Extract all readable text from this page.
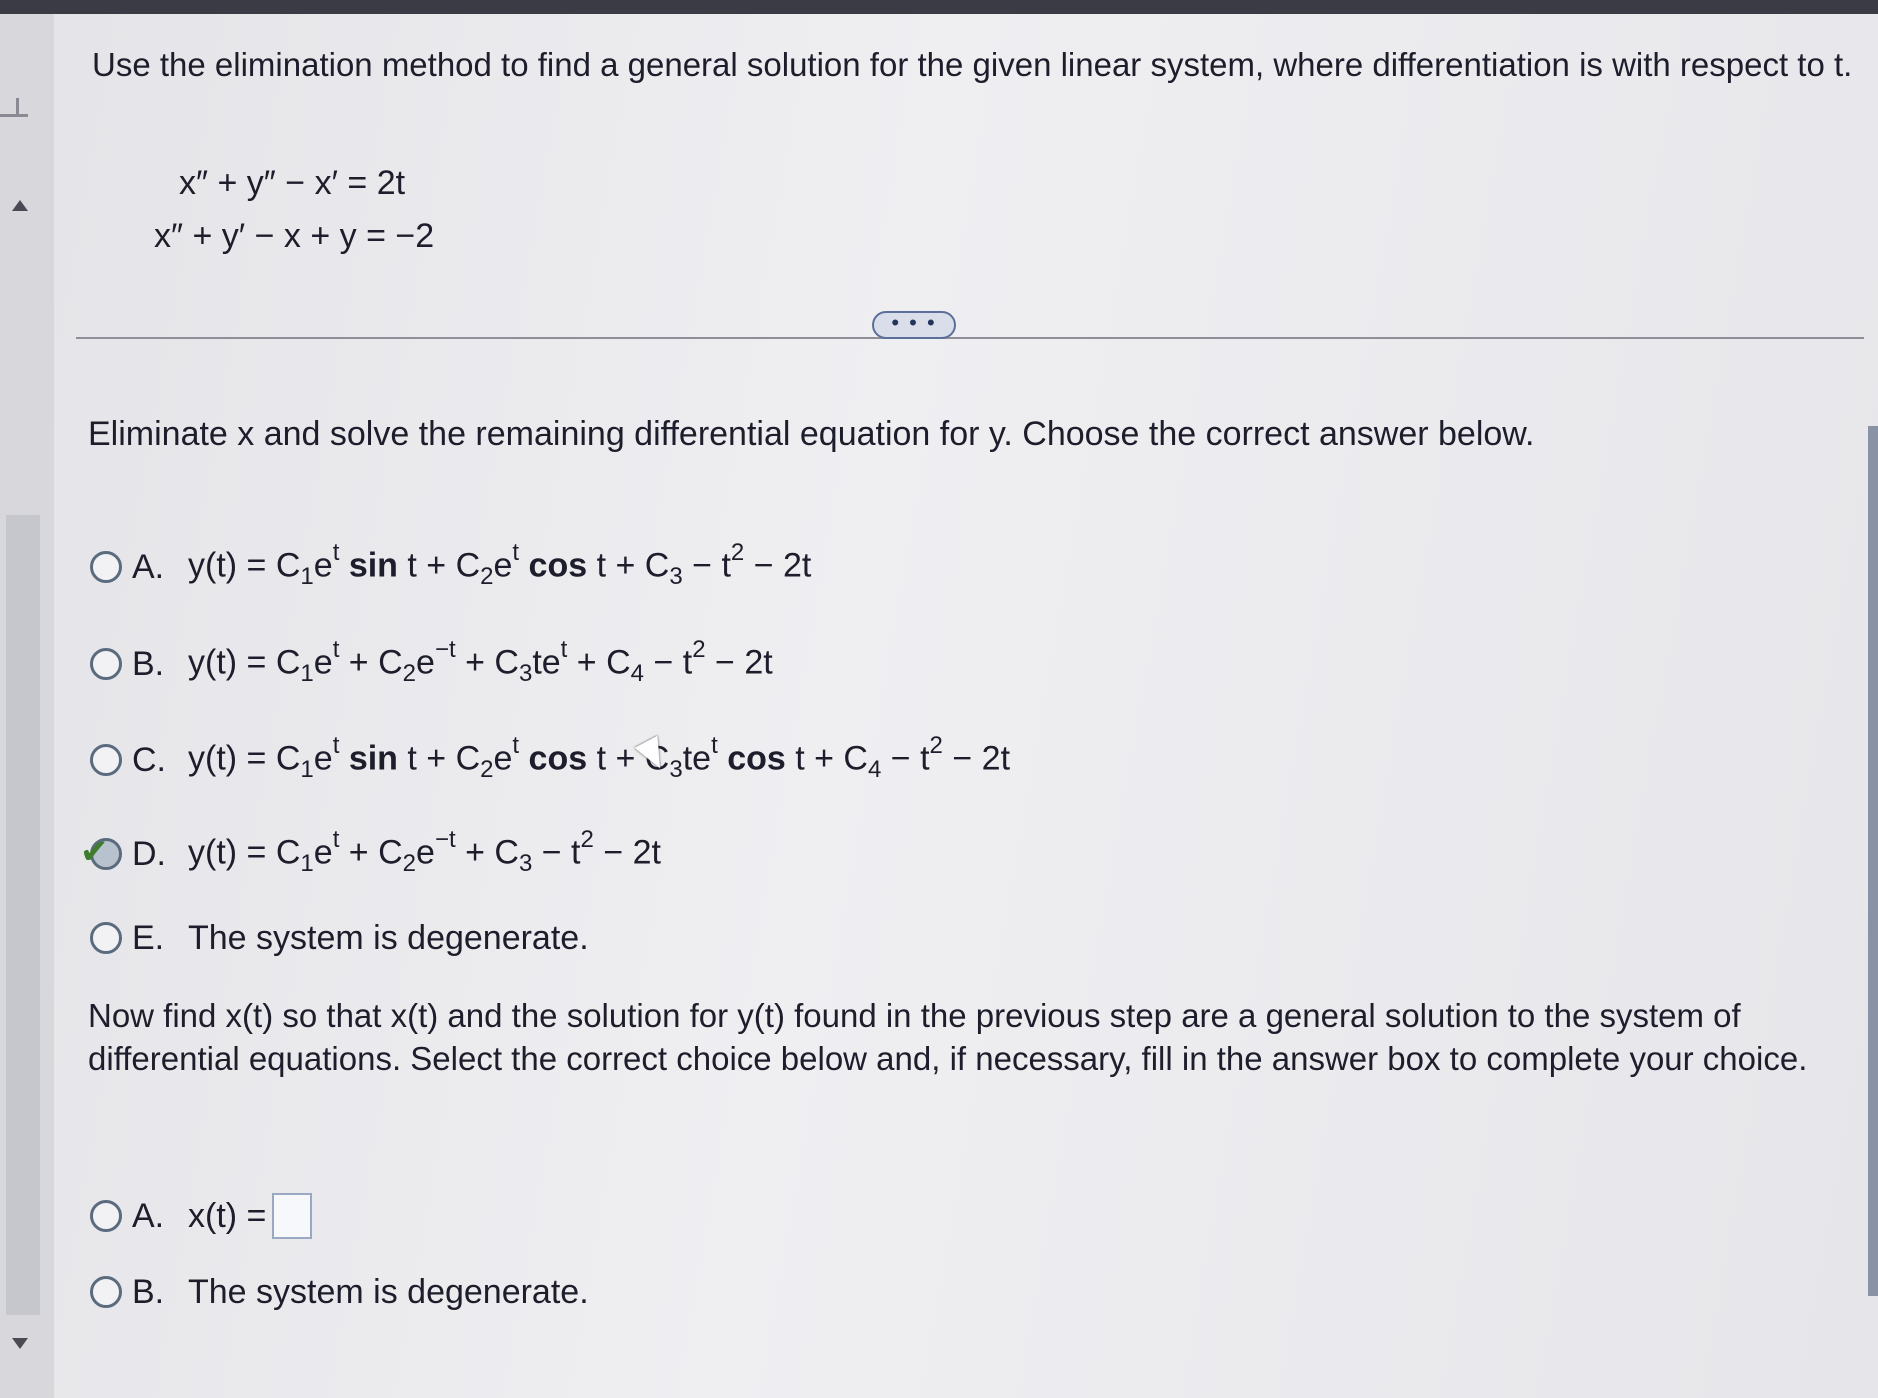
Use the elimination method to find a general solution for the given linear system, where differentiation is with respect to t.
x″ + y″ − x′ = 2t
x″ + y′ − x + y = −2
• • •
Eliminate x and solve the remaining differential equation for y. Choose the correct answer below.
A. $y(t) = C_1e^t$ $\sin t + C_2e^t$ $\cos t + C_3 - t^2 - 2t$
B. $y(t) = C_1e^t + C_2e^{-t} + C_3te^t + C_4 - t^2 - 2t$
C. $y(t) = C_1e^t$ $\sin t + C_2e^t$ $\cos t + C_3te^t$ $\cos t + C_4 - t^2 - 2t$
✔ D. $y(t) = C_1e^t + C_2e^{-t} + C_3 - t^2 - 2t$
E. The system is degenerate.
Now find x(t) so that x(t) and the solution for y(t) found in the previous step are a general solution to the system of differential equations. Select the correct choice below and, if necessary, fill in the answer box to complete your choice.
A. x(t) =
B. The system is degenerate.
